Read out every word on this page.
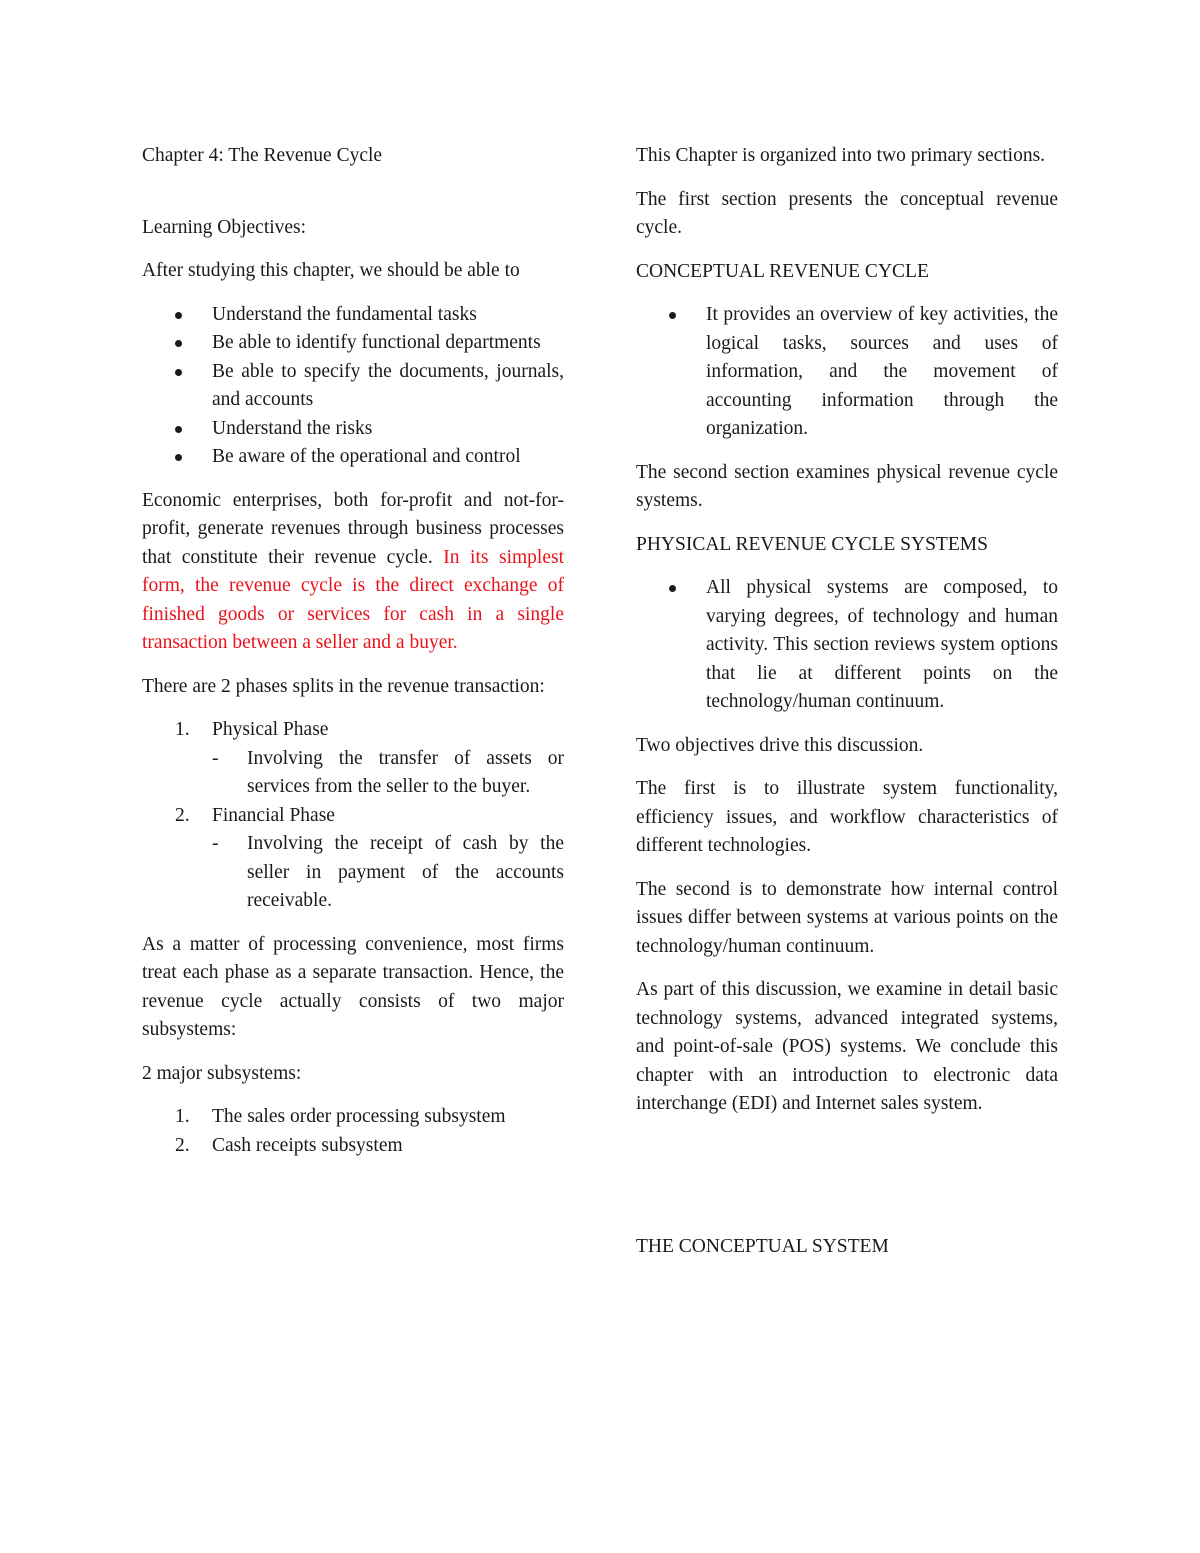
Chapter 4: The Revenue Cycle

Learning Objectives:

After studying this chapter, we should be able to

Understand the fundamental tasks
Be able to identify functional departments
Be able to specify the documents, journals, and accounts
Understand the risks
Be aware of the operational and control

Economic enterprises, both for-profit and not-for-profit, generate revenues through business processes that constitute their revenue cycle. In its simplest form, the revenue cycle is the direct exchange of finished goods or services for cash in a single transaction between a seller and a buyer.

There are 2 phases splits in the revenue transaction:

1. Physical Phase
- Involving the transfer of assets or services from the seller to the buyer.
2. Financial Phase
- Involving the receipt of cash by the seller in payment of the accounts receivable.

As a matter of processing convenience, most firms treat each phase as a separate transaction. Hence, the revenue cycle actually consists of two major subsystems:

2 major subsystems:

1. The sales order processing subsystem
2. Cash receipts subsystem

This Chapter is organized into two primary sections.

The first section presents the conceptual revenue cycle.

CONCEPTUAL REVENUE CYCLE

It provides an overview of key activities, the logical tasks, sources and uses of information, and the movement of accounting information through the organization.

The second section examines physical revenue cycle systems.

PHYSICAL REVENUE CYCLE SYSTEMS

All physical systems are composed, to varying degrees, of technology and human activity. This section reviews system options that lie at different points on the technology/human continuum.

Two objectives drive this discussion.

The first is to illustrate system functionality, efficiency issues, and workflow characteristics of different technologies.

The second is to demonstrate how internal control issues differ between systems at various points on the technology/human continuum.

As part of this discussion, we examine in detail basic technology systems, advanced integrated systems, and point-of-sale (POS) systems. We conclude this chapter with an introduction to electronic data interchange (EDI) and Internet sales system.

THE CONCEPTUAL SYSTEM
